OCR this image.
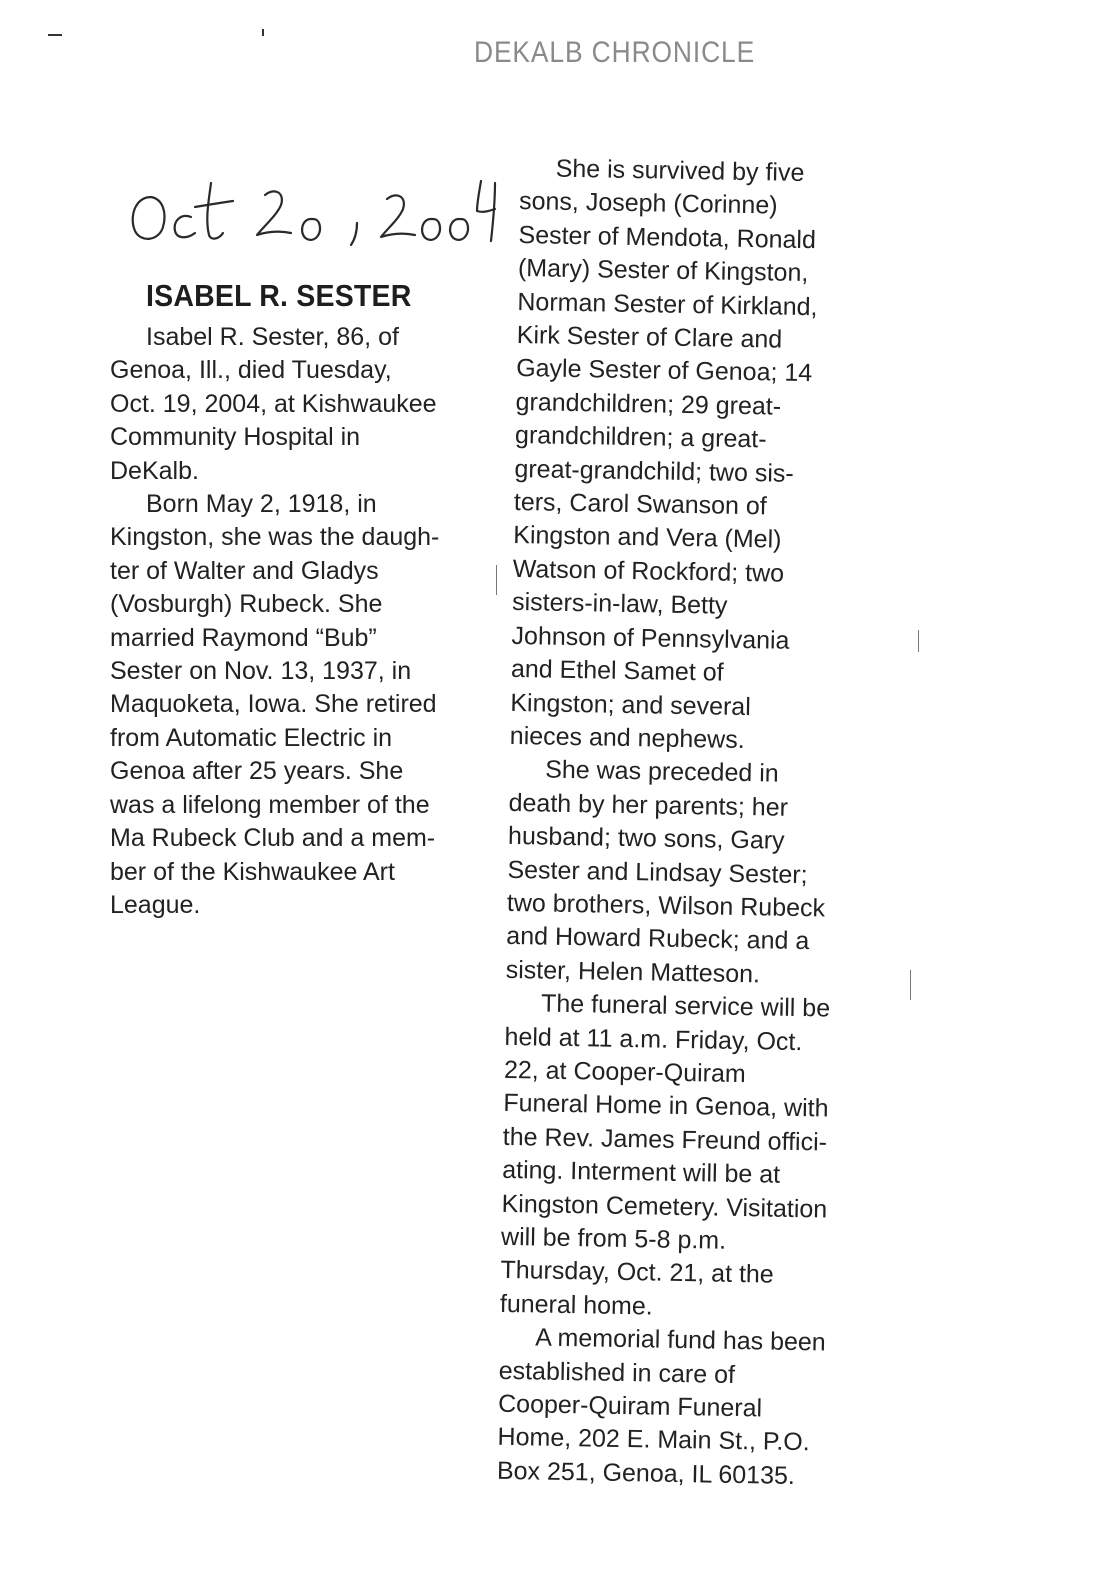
DEKALB CHRONICLE
ISABEL R. SESTER
Isabel R. Sester, 86, of
Genoa, Ill., died Tuesday,
Oct. 19, 2004, at Kishwaukee
Community Hospital in
DeKalb.
Born May 2, 1918, in
Kingston, she was the daugh-
ter of Walter and Gladys
(Vosburgh) Rubeck. She
married Raymond “Bub”
Sester on Nov. 13, 1937, in
Maquoketa, Iowa. She retired
from Automatic Electric in
Genoa after 25 years. She
was a lifelong member of the
Ma Rubeck Club and a mem-
ber of the Kishwaukee Art
League.
She is survived by five
sons, Joseph (Corinne)
Sester of Mendota, Ronald
(Mary) Sester of Kingston,
Norman Sester of Kirkland,
Kirk Sester of Clare and
Gayle Sester of Genoa; 14
grandchildren; 29 great-
grandchildren; a great-
great-grandchild; two sis-
ters, Carol Swanson of
Kingston and Vera (Mel)
Watson of Rockford; two
sisters-in-law, Betty
Johnson of Pennsylvania
and Ethel Samet of
Kingston; and several
nieces and nephews.
She was preceded in
death by her parents; her
husband; two sons, Gary
Sester and Lindsay Sester;
two brothers, Wilson Rubeck
and Howard Rubeck; and a
sister, Helen Matteson.
The funeral service will be
held at 11 a.m. Friday, Oct.
22, at Cooper-Quiram
Funeral Home in Genoa, with
the Rev. James Freund offici-
ating. Interment will be at
Kingston Cemetery. Visitation
will be from 5-8 p.m.
Thursday, Oct. 21, at the
funeral home.
A memorial fund has been
established in care of
Cooper-Quiram Funeral
Home, 202 E. Main St., P.O.
Box 251, Genoa, IL 60135.
